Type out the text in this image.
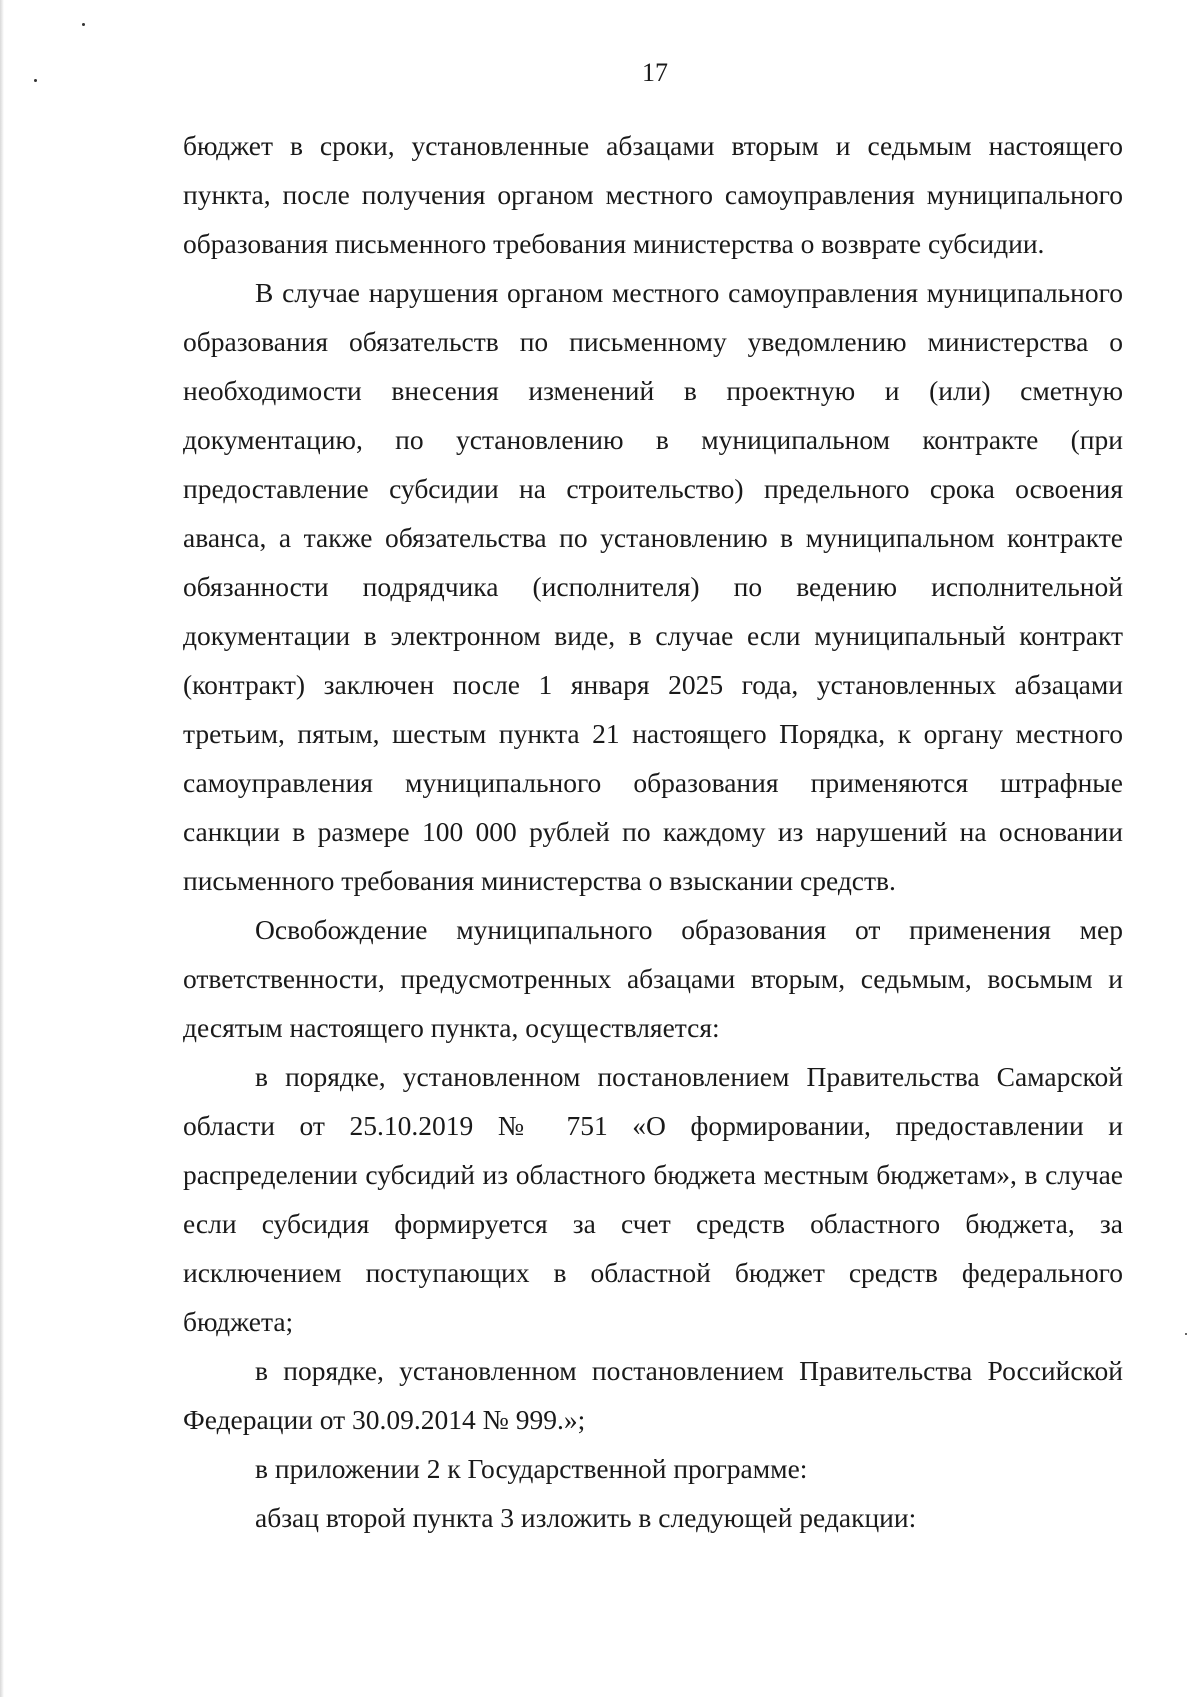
17

бюджет в сроки, установленные абзацами вторым и седьмым настоящего пункта, после получения органом местного самоуправления муниципального образования письменного требования министерства о возврате субсидии.

В случае нарушения органом местного самоуправления муниципального образования обязательств по письменному уведомлению министерства о необходимости внесения изменений в проектную и (или) сметную документацию, по установлению в муниципальном контракте (при предоставление субсидии на строительство) предельного срока освоения аванса, а также обязательства по установлению в муниципальном контракте обязанности подрядчика (исполнителя) по ведению исполнительной документации в электронном виде, в случае если муниципальный контракт (контракт) заключен после 1 января 2025 года, установленных абзацами третьим, пятым, шестым пункта 21 настоящего Порядка, к органу местного самоуправления муниципального образования применяются штрафные санкции в размере 100 000 рублей по каждому из нарушений на основании письменного требования министерства о взыскании средств.

Освобождение муниципального образования от применения мер ответственности, предусмотренных абзацами вторым, седьмым, восьмым и десятым настоящего пункта, осуществляется:

в порядке, установленном постановлением Правительства Самарской области от 25.10.2019 № 751 «О формировании, предоставлении и распределении субсидий из областного бюджета местным бюджетам», в случае если субсидия формируется за счет средств областного бюджета, за исключением поступающих в областной бюджет средств федерального бюджета;

в порядке, установленном постановлением Правительства Российской Федерации от 30.09.2014 № 999.»;

в приложении 2 к Государственной программе:

абзац второй пункта 3 изложить в следующей редакции:
